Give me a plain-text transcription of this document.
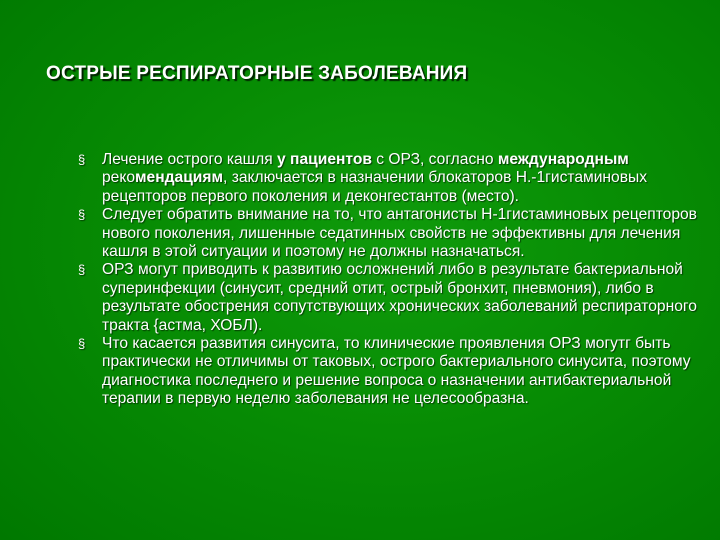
ОСТРЫЕ РЕСПИРАТОРНЫЕ ЗАБОЛЕВАНИЯ
§	Лечение острого кашля у пациентов с ОРЗ, согласно международным рекомендациям, заключается в назначении блокаторов Н.-1гистаминовых рецепторов первого поколения и деконгестантов (место).
§	Следует обратить внимание на то, что антагонисты Н-1гистаминовых рецепторов нового поколения, лишенные седатинных свойств не эффективны для лечения кашля в этой ситуации и поэтому не должны назначаться.
§	ОРЗ могут приводить к развитию осложнений либо в результате бактериальной суперинфекции (синусит, средний отит, острый бронхит, пневмония), либо в результате обострения сопутствующих хронических заболеваний респираторного тракта {астма, ХОБЛ).
§	Что касается развития синусита, то клинические проявления ОРЗ могутг быть практически не отличимы от таковых, острого бактериального синусита, поэтому диагностика последнего и решение вопроса о назначении антибактериальной терапии в первую неделю заболевания не целесообразна.
